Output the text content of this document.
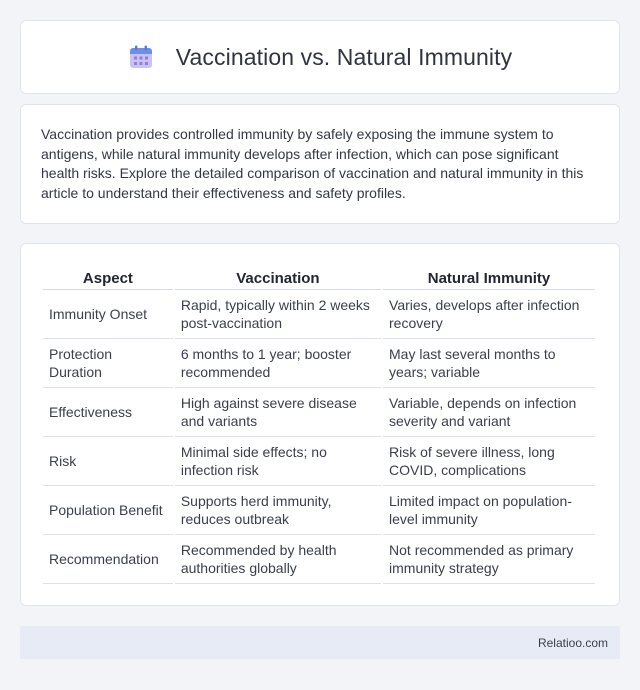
Vaccination vs. Natural Immunity

Vaccination provides controlled immunity by safely exposing the immune system to antigens, while natural immunity develops after infection, which can pose significant health risks. Explore the detailed comparison of vaccination and natural immunity in this article to understand their effectiveness and safety profiles.

Aspect	Vaccination	Natural Immunity
Immunity Onset	Rapid, typically within 2 weeks post-vaccination	Varies, develops after infection recovery
Protection Duration	6 months to 1 year; booster recommended	May last several months to years; variable
Effectiveness	High against severe disease and variants	Variable, depends on infection severity and variant
Risk	Minimal side effects; no infection risk	Risk of severe illness, long COVID, complications
Population Benefit	Supports herd immunity, reduces outbreak	Limited impact on population-level immunity
Recommendation	Recommended by health authorities globally	Not recommended as primary immunity strategy
Relatioo.com
